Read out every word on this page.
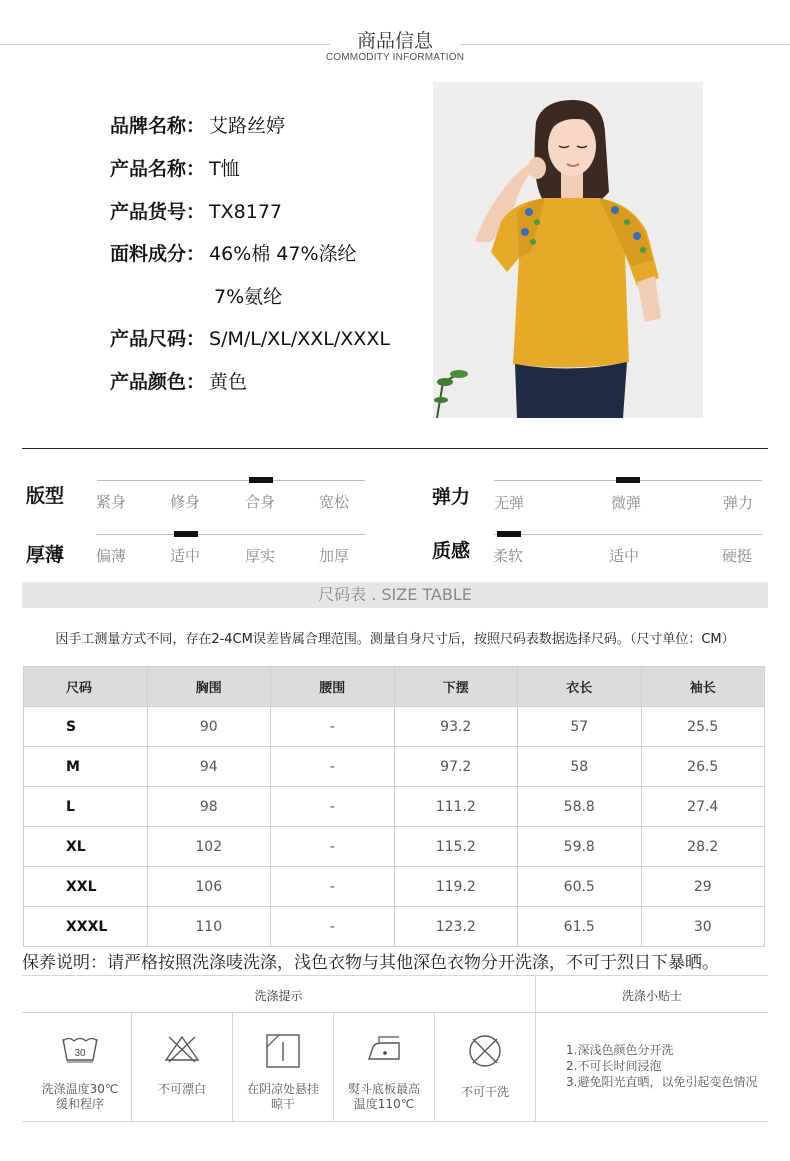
商品信息
COMMODITY INFORMATION
品牌名称： 艾路丝婷
产品名称： T恤
产品货号： TX8177
面料成分： 46%棉 47%涤纶
7%氨纶
产品尺码： S/M/L/XL/XXL/XXXL
产品颜色： 黄色
版型 紧身	修身	合身	宽松	弹力 无弹	微弹	弹力
厚薄 偏薄	适中	厚实	加厚	质感 柔软	适中	硬挺
尺码表 . SIZE TABLE
因手工测量方式不同，存在2-4CM误差皆属合理范围。测量自身尺寸后，按照尺码表数据选择尺码。（尺寸单位：CM）
尺码	胸围	腰围	下摆	衣长	袖长
S	90	-	93.2	57	25.5
M	94	-	97.2	58	26.5
L	98	-	111.2	58.8	27.4
XL	102	-	115.2	59.8	28.2
XXL	106	-	119.2	60.5	29
XXXL	110	-	123.2	61.5	30
保养说明：请严格按照洗涤唛洗涤，浅色衣物与其他深色衣物分开洗涤，不可于烈日下暴晒。
洗涤提示	洗涤小贴士
30
洗涤温度30℃
缓和程序
不可漂白	在阴凉处悬挂
晾干
熨斗底板最高
温度110℃
不可干洗
1.深浅色颜色分开洗
2.不可长时间浸泡
3.避免阳光直晒，以免引起变色情况
